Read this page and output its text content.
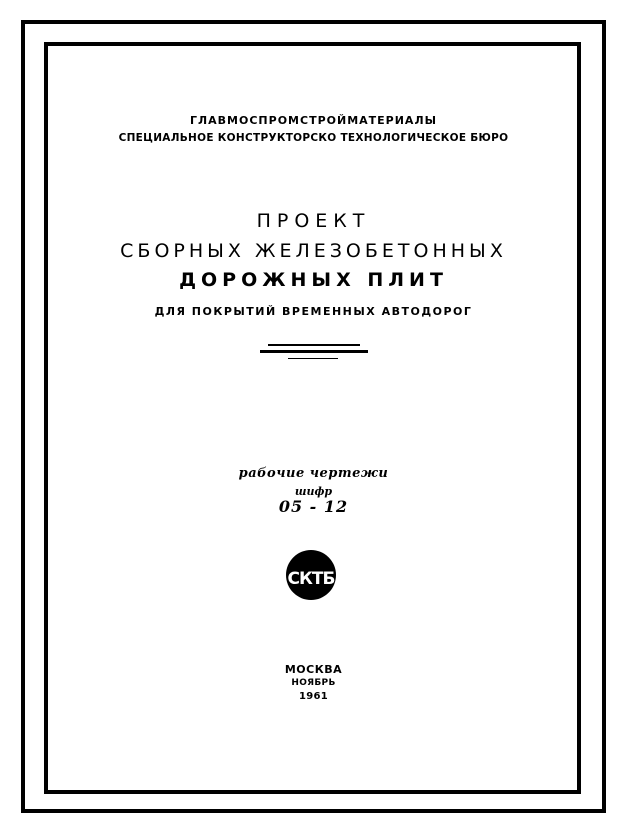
ГЛАВМОСПРОМСТРОЙМАТЕРИАЛЫ
СПЕЦИАЛЬНОЕ КОНСТРУКТОРСКО ТЕХНОЛОГИЧЕСКОЕ БЮРО
ПРОЕКТ
СБОРНЫХ ЖЕЛЕЗОБЕТОННЫХ
ДОРОЖНЫХ ПЛИТ
ДЛЯ ПОКРЫТИЙ ВРЕМЕННЫХ АВТОДОРОГ
рабочие чертежи
шифр
05 - 12
СКТБ
МОСКВА
НОЯБРЬ
1961
